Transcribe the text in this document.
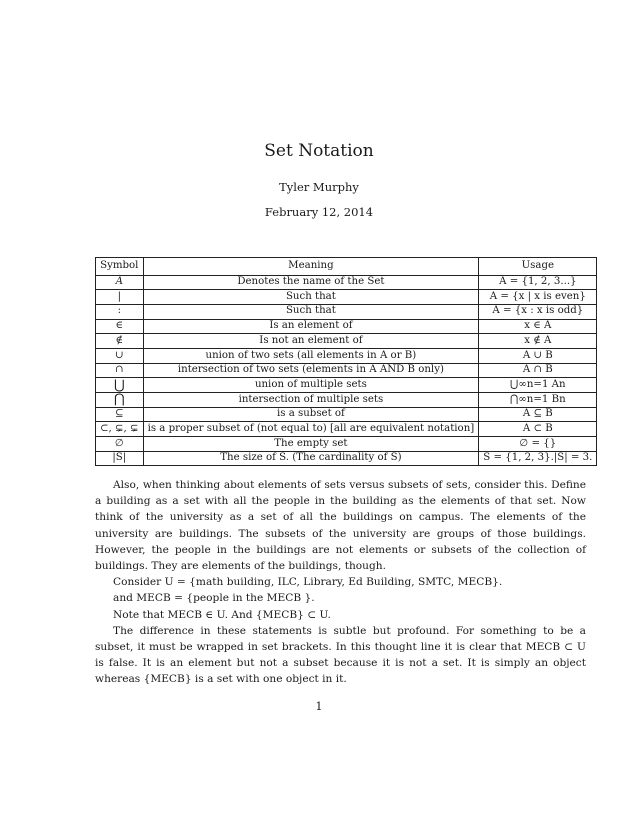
Set Notation
Tyler Murphy
February 12, 2014
Symbol	Meaning	Usage
A	Denotes the name of the Set	A = {1, 2, 3...}
|	Such that	A = {x | x is even}
:	Such that	A = {x : x is odd}
∈	Is an element of	x ∈ A
∉	Is not an element of	x ∉ A
∪	union of two sets (all elements in A or B)	A ∪ B
∩	intersection of two sets (elements in A AND B only)	A ∩ B
⋃	union of multiple sets	⋃∞n=1 An
⋂	intersection of multiple sets	⋂∞n=1 Bn
⊆	is a subset of	A ⊆ B
⊂, ⊊, ⊊	is a proper subset of (not equal to) [all are equivalent notation]	A ⊂ B
∅	The empty set	∅ = {}
|S|	The size of S. (The cardinality of S)	S = {1, 2, 3}.|S| = 3.

Also, when thinking about elements of sets versus subsets of sets, consider this. Define a building as a set with all the people in the building as the elements of that set. Now think of the university as a set of all the buildings on campus. The elements of the university are buildings. The subsets of the university are groups of those buildings. However, the people in the buildings are not elements or subsets of the collection of buildings. They are elements of the buildings, though.

Consider U = {math building, ILC, Library, Ed Building, SMTC, MECB}.

and MECB = {people in the MECB }.

Note that MECB ∈ U. And {MECB} ⊂ U.

The difference in these statements is subtle but profound. For something to be a subset, it must be wrapped in set brackets. In this thought line it is clear that MECB ⊂ U is false. It is an element but not a subset because it is not a set. It is simply an object whereas {MECB} is a set with one object in it.

1
